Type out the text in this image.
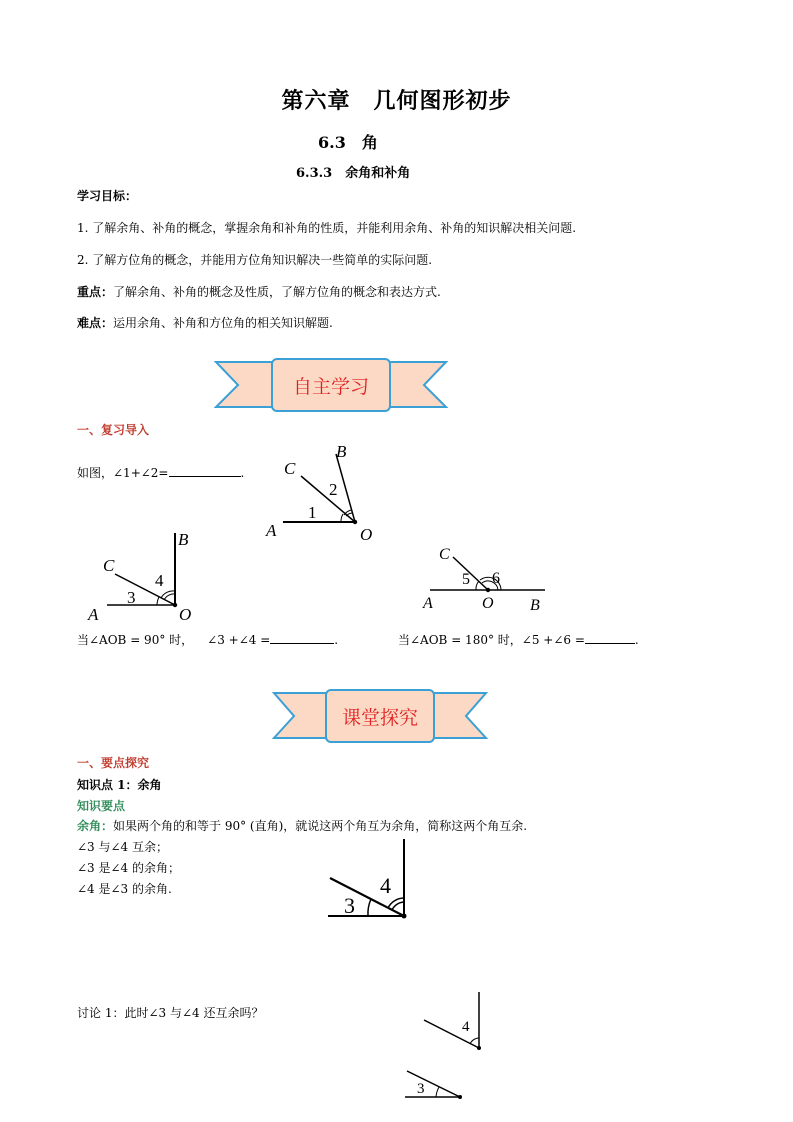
第六章　几何图形初步
6.3　角
6.3.3　余角和补角
学习目标：
1. 了解余角、补角的概念，掌握余角和补角的性质，并能利用余角、补角的知识解决相关问题.
2. 了解方位角的概念，并能用方位角知识解决一些简单的实际问题.
重点：了解余角、补角的概念及性质，了解方位角的概念和表达方式.
难点：运用余角、补角和方位角的相关知识解题.
自主学习
一、复习导入
如图，∠1+∠2=	.
A
B
C
O
1
2
A
B
C
O
3
4
A	B
C
O
5 6
当∠AOB = 90° 时， ∠3 +∠4 =	.	当∠AOB = 180° 时，∠5 +∠6 =	.
课堂探究
一、要点探究
知识点 1：余角
知识要点
余角：如果两个角的和等于 90° (直角)，就说这两个角互为余角，简称这两个角互余.
∠3 与∠4 互余；
∠3 是∠4 的余角；
∠4 是∠3 的余角.
3
4
讨论 1：此时∠3 与∠4 还互余吗？
4
3
